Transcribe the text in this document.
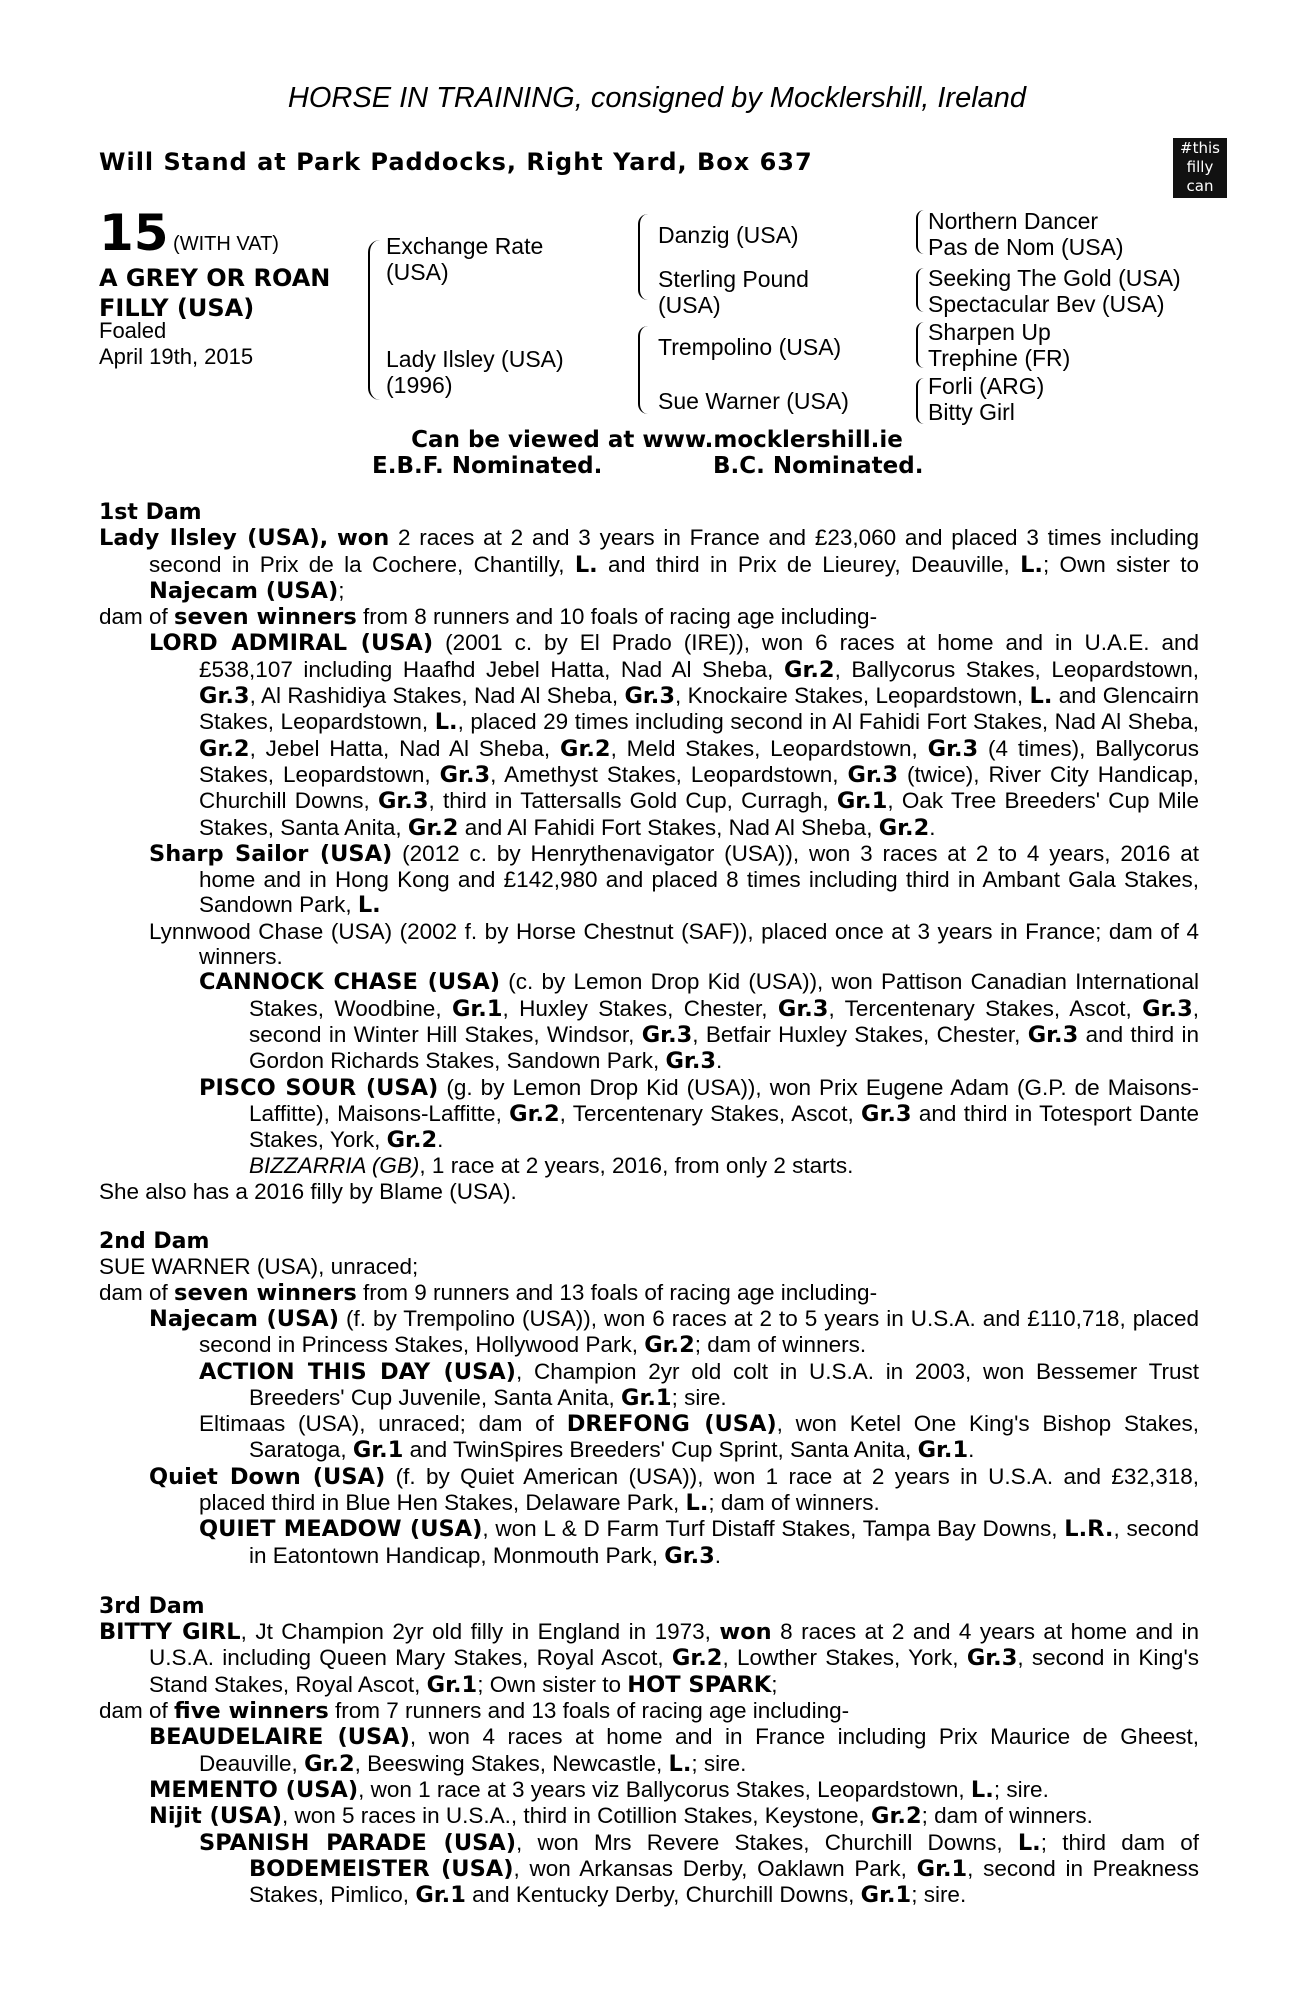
HORSE IN TRAINING, consigned by Mocklershill, Ireland
Will Stand at Park Paddocks, Right Yard, Box 637	#this
filly
can
15 (WITH VAT)
A GREY OR ROAN
FILLY (USA)
Foaled
April 19th, 2015
Exchange Rate
(USA)
Lady Ilsley (USA)
(1996)
Danzig (USA)
Sterling Pound
(USA)
Trempolino (USA)
Sue Warner (USA)
Northern Dancer
Pas de Nom (USA)
Seeking The Gold (USA)
Spectacular Bev (USA)
Sharpen Up
Trephine (FR)
Forli (ARG)
Bitty Girl
Can be viewed at www.mocklershill.ie
E.B.F. Nominated.	B.C. Nominated.
1st Dam

Lady Ilsley (USA), won 2 races at 2 and 3 years in France and £23,060 and placed 3 times including second in Prix de la Cochere, Chantilly, L. and third in Prix de Lieurey, Deauville, L.; Own sister to Najecam (USA);

dam of seven winners from 8 runners and 10 foals of racing age including-

LORD ADMIRAL (USA) (2001 c. by El Prado (IRE)), won 6 races at home and in U.A.E. and £538,107 including Haafhd Jebel Hatta, Nad Al Sheba, Gr.2, Ballycorus Stakes, Leopardstown, Gr.3, Al Rashidiya Stakes, Nad Al Sheba, Gr.3, Knockaire Stakes, Leopardstown, L. and Glencairn Stakes, Leopardstown, L., placed 29 times including second in Al Fahidi Fort Stakes, Nad Al Sheba, Gr.2, Jebel Hatta, Nad Al Sheba, Gr.2, Meld Stakes, Leopardstown, Gr.3 (4 times), Ballycorus Stakes, Leopardstown, Gr.3, Amethyst Stakes, Leopardstown, Gr.3 (twice), River City Handicap, Churchill Downs, Gr.3, third in Tattersalls Gold Cup, Curragh, Gr.1, Oak Tree Breeders' Cup Mile Stakes, Santa Anita, Gr.2 and Al Fahidi Fort Stakes, Nad Al Sheba, Gr.2.

Sharp Sailor (USA) (2012 c. by Henrythenavigator (USA)), won 3 races at 2 to 4 years, 2016 at home and in Hong Kong and £142,980 and placed 8 times including third in Ambant Gala Stakes, Sandown Park, L.

Lynnwood Chase (USA) (2002 f. by Horse Chestnut (SAF)), placed once at 3 years in France; dam of 4 winners.

CANNOCK CHASE (USA) (c. by Lemon Drop Kid (USA)), won Pattison Canadian International Stakes, Woodbine, Gr.1, Huxley Stakes, Chester, Gr.3, Tercentenary Stakes, Ascot, Gr.3, second in Winter Hill Stakes, Windsor, Gr.3, Betfair Huxley Stakes, Chester, Gr.3 and third in Gordon Richards Stakes, Sandown Park, Gr.3.

PISCO SOUR (USA) (g. by Lemon Drop Kid (USA)), won Prix Eugene Adam (G.P. de Maisons-Laffitte), Maisons-Laffitte, Gr.2, Tercentenary Stakes, Ascot, Gr.3 and third in Totesport Dante Stakes, York, Gr.2.

BIZZARRIA (GB), 1 race at 2 years, 2016, from only 2 starts.

She also has a 2016 filly by Blame (USA).

2nd Dam

SUE WARNER (USA), unraced;

dam of seven winners from 9 runners and 13 foals of racing age including-

Najecam (USA) (f. by Trempolino (USA)), won 6 races at 2 to 5 years in U.S.A. and £110,718, placed second in Princess Stakes, Hollywood Park, Gr.2; dam of winners.

ACTION THIS DAY (USA), Champion 2yr old colt in U.S.A. in 2003, won Bessemer Trust Breeders' Cup Juvenile, Santa Anita, Gr.1; sire.

Eltimaas (USA), unraced; dam of DREFONG (USA), won Ketel One King's Bishop Stakes, Saratoga, Gr.1 and TwinSpires Breeders' Cup Sprint, Santa Anita, Gr.1.

Quiet Down (USA) (f. by Quiet American (USA)), won 1 race at 2 years in U.S.A. and £32,318, placed third in Blue Hen Stakes, Delaware Park, L.; dam of winners.

QUIET MEADOW (USA), won L & D Farm Turf Distaff Stakes, Tampa Bay Downs, L.R., second in Eatontown Handicap, Monmouth Park, Gr.3.

3rd Dam

BITTY GIRL, Jt Champion 2yr old filly in England in 1973, won 8 races at 2 and 4 years at home and in U.S.A. including Queen Mary Stakes, Royal Ascot, Gr.2, Lowther Stakes, York, Gr.3, second in King's Stand Stakes, Royal Ascot, Gr.1; Own sister to HOT SPARK;

dam of five winners from 7 runners and 13 foals of racing age including-

BEAUDELAIRE (USA), won 4 races at home and in France including Prix Maurice de Gheest, Deauville, Gr.2, Beeswing Stakes, Newcastle, L.; sire.

MEMENTO (USA), won 1 race at 3 years viz Ballycorus Stakes, Leopardstown, L.; sire.

Nijit (USA), won 5 races in U.S.A., third in Cotillion Stakes, Keystone, Gr.2; dam of winners.

SPANISH PARADE (USA), won Mrs Revere Stakes, Churchill Downs, L.; third dam of BODEMEISTER (USA), won Arkansas Derby, Oaklawn Park, Gr.1, second in Preakness Stakes, Pimlico, Gr.1 and Kentucky Derby, Churchill Downs, Gr.1; sire.
